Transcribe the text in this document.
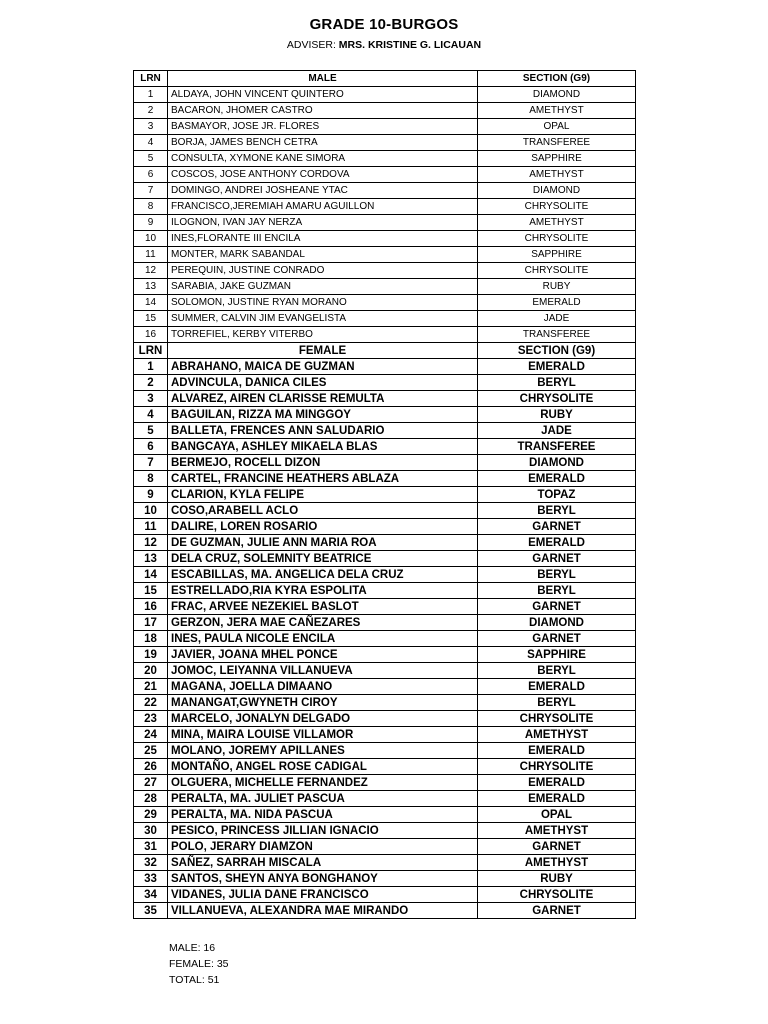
GRADE 10-BURGOS
ADVISER: MRS. KRISTINE G. LICAUAN
LRN	MALE	SECTION (G9)
1	ALDAYA, JOHN VINCENT QUINTERO	DIAMOND
2	BACARON, JHOMER CASTRO	AMETHYST
3	BASMAYOR, JOSE JR. FLORES	OPAL
4	BORJA, JAMES BENCH CETRA	TRANSFEREE
5	CONSULTA, XYMONE KANE SIMORA	SAPPHIRE
6	COSCOS, JOSE ANTHONY CORDOVA	AMETHYST
7	DOMINGO, ANDREI JOSHEANE YTAC	DIAMOND
8	FRANCISCO,JEREMIAH AMARU AGUILLON	CHRYSOLITE
9	ILOGNON, IVAN JAY NERZA	AMETHYST
10	INES,FLORANTE III ENCILA	CHRYSOLITE
11	MONTER, MARK SABANDAL	SAPPHIRE
12	PEREQUIN, JUSTINE CONRADO	CHRYSOLITE
13	SARABIA, JAKE GUZMAN	RUBY
14	SOLOMON, JUSTINE RYAN MORANO	EMERALD
15	SUMMER, CALVIN JIM EVANGELISTA	JADE
16	TORREFIEL, KERBY VITERBO	TRANSFEREE
LRN	FEMALE	SECTION (G9)
1	ABRAHANO, MAICA DE GUZMAN	EMERALD
2	ADVINCULA, DANICA CILES	BERYL
3	ALVAREZ, AIREN CLARISSE REMULTA	CHRYSOLITE
4	BAGUILAN, RIZZA MA MINGGOY	RUBY
5	BALLETA, FRENCES ANN SALUDARIO	JADE
6	BANGCAYA, ASHLEY MIKAELA BLAS	TRANSFEREE
7	BERMEJO, ROCELL DIZON	DIAMOND
8	CARTEL, FRANCINE HEATHERS ABLAZA	EMERALD
9	CLARION, KYLA FELIPE	TOPAZ
10	COSO,ARABELL ACLO	BERYL
11	DALIRE, LOREN ROSARIO	GARNET
12	DE GUZMAN, JULIE ANN MARIA ROA	EMERALD
13	DELA CRUZ, SOLEMNITY BEATRICE	GARNET
14	ESCABILLAS, MA. ANGELICA DELA CRUZ	BERYL
15	ESTRELLADO,RIA KYRA ESPOLITA	BERYL
16	FRAC, ARVEE NEZEKIEL BASLOT	GARNET
17	GERZON, JERA MAE CAÑEZARES	DIAMOND
18	INES, PAULA NICOLE ENCILA	GARNET
19	JAVIER, JOANA MHEL PONCE	SAPPHIRE
20	JOMOC, LEIYANNA VILLANUEVA	BERYL
21	MAGANA, JOELLA DIMAANO	EMERALD
22	MANANGAT,GWYNETH CIROY	BERYL
23	MARCELO, JONALYN DELGADO	CHRYSOLITE
24	MINA, MAIRA LOUISE VILLAMOR	AMETHYST
25	MOLANO, JOREMY APILLANES	EMERALD
26	MONTAÑO, ANGEL ROSE CADIGAL	CHRYSOLITE
27	OLGUERA, MICHELLE FERNANDEZ	EMERALD
28	PERALTA, MA. JULIET PASCUA	EMERALD
29	PERALTA, MA. NIDA PASCUA	OPAL
30	PESICO, PRINCESS JILLIAN IGNACIO	AMETHYST
31	POLO, JERARY DIAMZON	GARNET
32	SAÑEZ, SARRAH MISCALA	AMETHYST
33	SANTOS, SHEYN ANYA BONGHANOY	RUBY
34	VIDANES, JULIA DANE FRANCISCO	CHRYSOLITE
35	VILLANUEVA, ALEXANDRA MAE MIRANDO	GARNET
MALE: 16
FEMALE: 35
TOTAL: 51
